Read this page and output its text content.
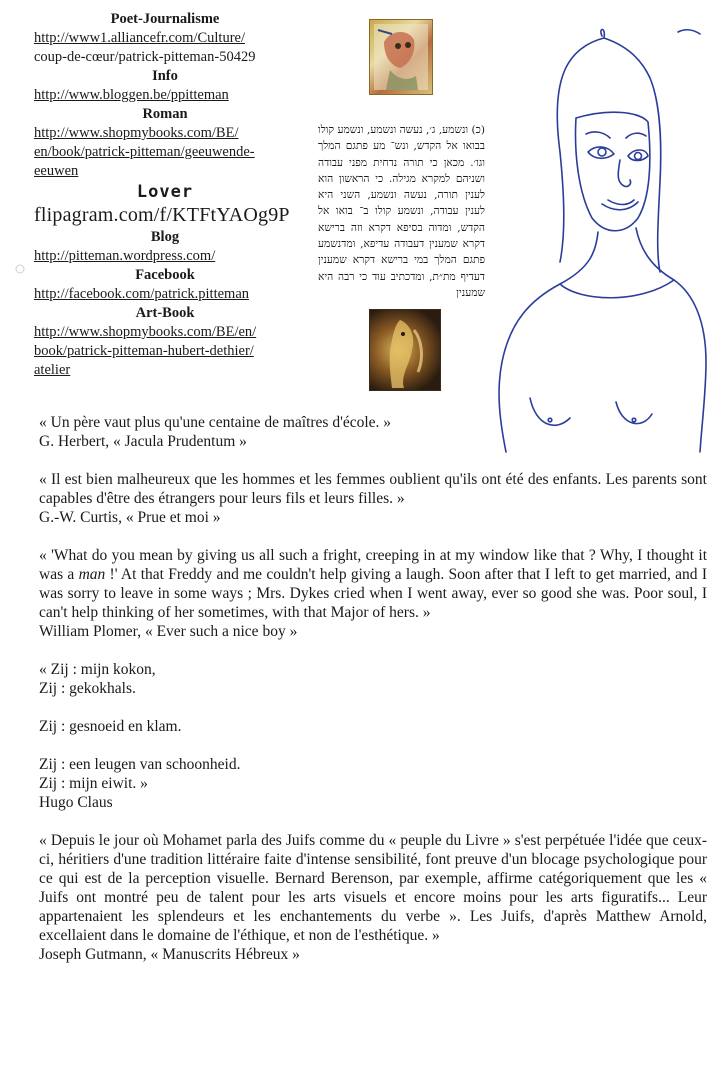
Poet-Journalisme
http://www1.alliancefr.com/Culture/
coup-de-cœur/patrick-pitteman-50429
Info
http://www.bloggen.be/ppitteman
Roman
http://www.shopmybooks.com/BE/
en/book/patrick-pitteman/geeuwende-
eeuwen
Lover
flipagram.com/f/KTFtYAOg9P
Blog
http://pitteman.wordpress.com/
Facebook
http://facebook.com/patrick.pitteman
Art-Book
http://www.shopmybooks.com/BE/en/
book/patrick-pitteman-hubert-dethier/
atelier
(כ) ונשמע, ג׳, נעשה ונשמע, ונשמע קולו בבואו אל הקדש, ונש־ מע פתגם המלך וגו׳. מכאן כי תורה נדחית מפני עבודה ושניהם למקרא מגילה. כי הראשון הוא לענין תורה, נעשה ונשמע, השני היא לענין עבודה, ונשמע קולו ב־ בואו אל הקדש, ומדוה בסיפא דקרא וזה ברישא דקרא שמענין דעבודה עדיפא, ומדנשמע פתגם המלך במי ברישא דקרא שמענין דעדיף מת״ת, ומדכתיב עוד כי רבה היא שמענין

« Un père vaut plus qu'une centaine de maîtres d'école. »
G. Herbert, « Jacula Prudentum »

« Il est bien malheureux que les hommes et les femmes oublient qu'ils ont été des enfants. Les parents sont capables d'être des étrangers pour leurs fils et leurs filles. »
G.-W. Curtis, « Prue et moi »

« 'What do you mean by giving us all such a fright, creeping in at my window like that ? Why, I thought it was a man !' At that Freddy and me couldn't help giving a laugh. Soon after that I left to get married, and I was sorry to leave in some ways ; Mrs. Dykes cried when I went away, ever so good she was. Poor soul, I can't help thinking of her sometimes, with that Major of hers. »
William Plomer, « Ever such a nice boy »

« Zij : mijn kokon,
Zij : gekokhals.

Zij : gesnoeid en klam.

Zij : een leugen van schoonheid.
Zij : mijn eiwit. »
Hugo Claus

« Depuis le jour où Mohamet parla des Juifs comme du « peuple du Livre » s'est perpétuée l'idée que ceux-ci, héritiers d'une tradition littéraire faite d'intense sensibilité, font preuve d'un blocage psychologique pour ce qui est de la perception visuelle. Bernard Berenson, par exemple, affirme catégoriquement que les « Juifs ont montré peu de talent pour les arts visuels et encore moins pour les arts figuratifs... Leur appartenaient les splendeurs et les enchantements du verbe ». Les Juifs, d'après Matthew Arnold, excellaient dans le domaine de l'éthique, et non de l'esthétique. »
Joseph Gutmann, « Manuscrits Hébreux »
